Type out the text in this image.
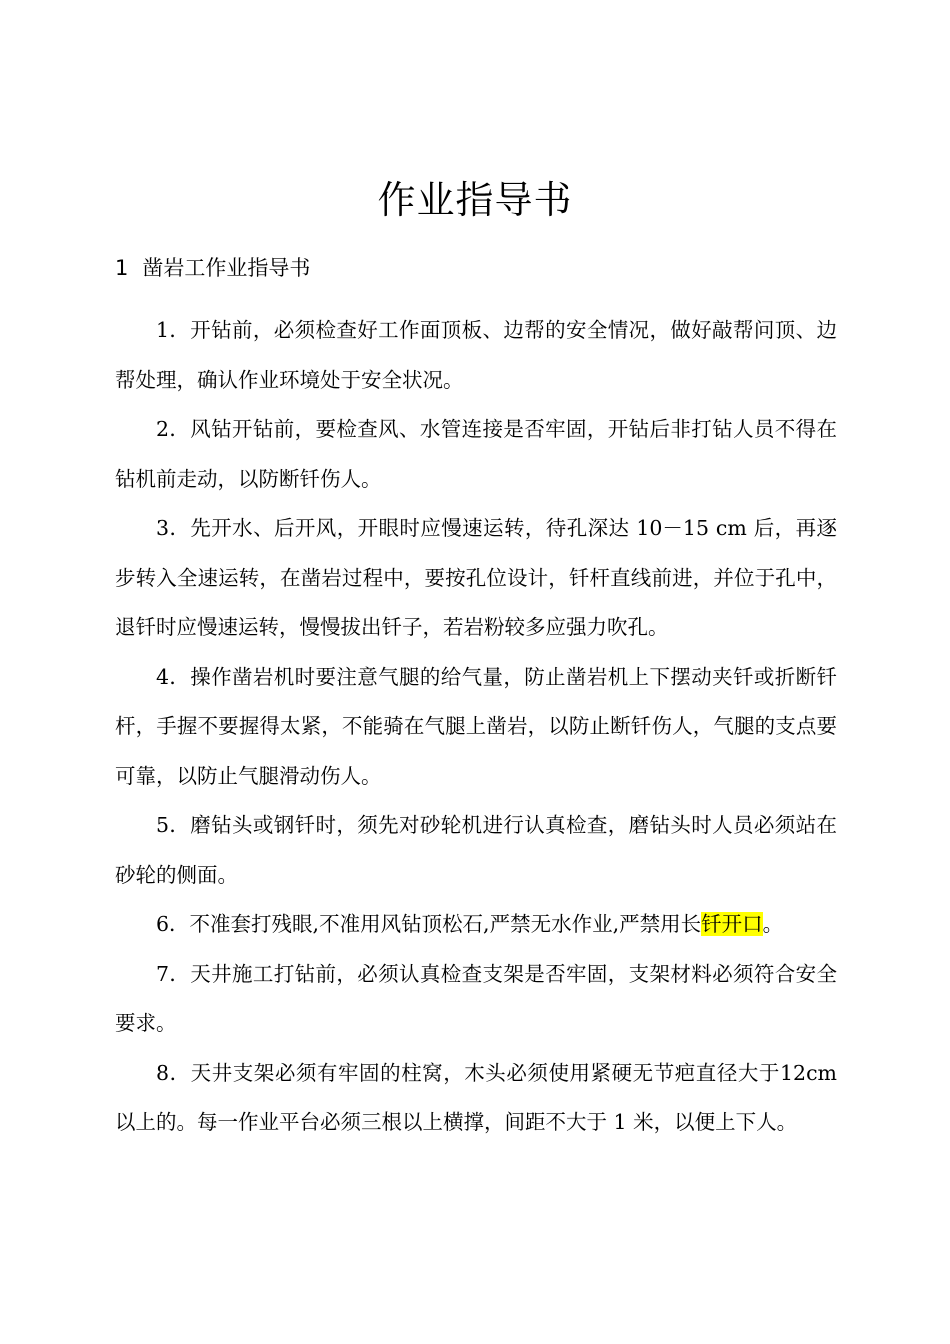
作业指导书
1 凿岩工作业指导书

1．开钻前，必须检查好工作面顶板、边帮的安全情况，做好敲帮问顶、边帮处理，确认作业环境处于安全状况。

2．风钻开钻前，要检查风、水管连接是否牢固，开钻后非打钻人员不得在钻机前走动，以防断钎伤人。

3．先开水、后开风，开眼时应慢速运转，待孔深达 10－15 cm 后，再逐步转入全速运转，在凿岩过程中，要按孔位设计，钎杆直线前进，并位于孔中，退钎时应慢速运转，慢慢拔出钎子，若岩粉较多应强力吹孔。

4．操作凿岩机时要注意气腿的给气量，防止凿岩机上下摆动夹钎或折断钎杆，手握不要握得太紧，不能骑在气腿上凿岩，以防止断钎伤人，气腿的支点要可靠，以防止气腿滑动伤人。

5．磨钻头或钢钎时，须先对砂轮机进行认真检查，磨钻头时人员必须站在砂轮的侧面。

6．不准套打残眼,不准用风钻顶松石,严禁无水作业,严禁用长钎开口。

7．天井施工打钻前，必须认真检查支架是否牢固，支架材料必须符合安全要求。

8．天井支架必须有牢固的柱窝，木头必须使用紧硬无节疤直径大于12cm 以上的。每一作业平台必须三根以上横撑，间距不大于 1 米，以便上下人。
